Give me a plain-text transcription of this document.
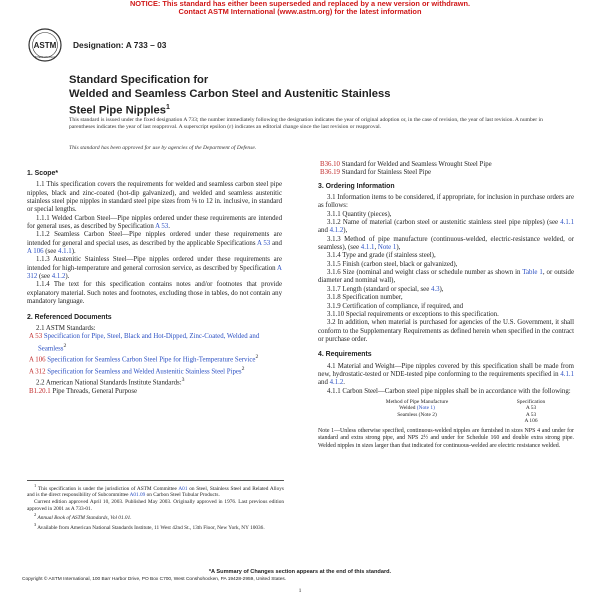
NOTICE: This standard has either been superseded and replaced by a new version or withdrawn.
Contact ASTM International (www.astm.org) for the latest information
ASTM
INTERNATIONAL
Designation: A 733 – 03
Standard Specification for
Welded and Seamless Carbon Steel and Austenitic Stainless
Steel Pipe Nipples$^1$
This standard is issued under the fixed designation A 733; the number immediately following the designation indicates the year of original adoption or, in the case of revision, the year of last revision. A number in parentheses indicates the year of last reapproval. A superscript epsilon (ε) indicates an editorial change since the last revision or reapproval.
This standard has been approved for use by agencies of the Department of Defense.
1. Scope*

1.1 This specification covers the requirements for welded and seamless carbon steel pipe nipples, black and zinc-coated (hot-dip galvanized), and welded and seamless austenitic stainless steel pipe nipples in standard steel pipe sizes from ⅛ to 12 in. inclusive, in standard or special lengths.

1.1.1 Welded Carbon Steel—Pipe nipples ordered under these requirements are intended for general uses, as described by Specification A 53.

1.1.2 Seamless Carbon Steel—Pipe nipples ordered under these requirements are intended for general and special uses, as described by the applicable Specifications A 53 and A 106 (see 4.1.1).

1.1.3 Austenitic Stainless Steel—Pipe nipples ordered under these requirements are intended for high-temperature and general corrosion service, as described by Specification A 312 (see 4.1.2).

1.1.4 The text for this specification contains notes and/or footnotes that provide explanatory material. Such notes and footnotes, excluding those in tables, do not contain any mandatory language.

2. Referenced Documents

2.1 ASTM Standards:

A 53 Specification for Pipe, Steel, Black and Hot-Dipped, Zinc-Coated, Welded and Seamless$^2$
A 106 Specification for Seamless Carbon Steel Pipe for High-Temperature Service$^2$
A 312 Specification for Seamless and Welded Austenitic Stainless Steel Pipes$^2$

2.2 American National Standards Institute Standards:$^3$

B1.20.1 Pipe Threads, General Purpose

$^1$ This specification is under the jurisdiction of ASTM Committee A01 on Steel, Stainless Steel and Related Alloys and is the direct responsibility of Subcommittee A01.09 on Carbon Steel Tubular Products.

Current edition approved April 10, 2003. Published May 2003. Originally approved in 1976. Last previous edition approved in 2001 as A 733-01.

$^2$ Annual Book of ASTM Standards, Vol 01.01.

$^3$ Available from American National Standards Institute, 11 West 42nd St., 13th Floor, New York, NY 10036.

B36.10 Standard for Welded and Seamless Wrought Steel Pipe
B36.19 Standard for Stainless Steel Pipe
3. Ordering Information

3.1 Information items to be considered, if appropriate, for inclusion in purchase orders are as follows:

3.1.1 Quantity (pieces),

3.1.2 Name of material (carbon steel or austenitic stainless steel pipe nipples) (see 4.1.1 and 4.1.2),

3.1.3 Method of pipe manufacture (continuous-welded, electric-resistance welded, or seamless), (see 4.1.1, Note 1),

3.1.4 Type and grade (if stainless steel),

3.1.5 Finish (carbon steel, black or galvanized),

3.1.6 Size (nominal and weight class or schedule number as shown in Table 1, or outside diameter and nominal wall),

3.1.7 Length (standard or special, see 4.3),

3.1.8 Specification number,

3.1.9 Certification of compliance, if required, and

3.1.10 Special requirements or exceptions to this specification.

3.2 In addition, when material is purchased for agencies of the U.S. Government, it shall conform to the Supplementary Requirements as defined herein when specified in the contract or purchase order.

4. Requirements

4.1 Material and Weight—Pipe nipples covered by this specification shall be made from new, hydrostatic-tested or NDE-tested pipe conforming to the requirements specified in 4.1.1 and 4.1.2.

4.1.1 Carbon Steel—Carbon steel pipe nipples shall be in accordance with the following:

Method of Pipe Manufacture	Specification
Welded (Note 1)	A 53
Seamless (Note 2)	A 53
	A 106
Note 1—Unless otherwise specified, continuous-welded nipples are furnished in sizes NPS 4 and under for standard and extra strong pipe, and NPS 2½ and under for Schedule 160 and double extra strong pipe. Welded nipples in sizes larger than that indicated for continuous-welded are electric resistance welded.
*A Summary of Changes section appears at the end of this standard.
Copyright © ASTM International, 100 Barr Harbor Drive, PO Box C700, West Conshohocken, PA 19428-2959, United States.
1
